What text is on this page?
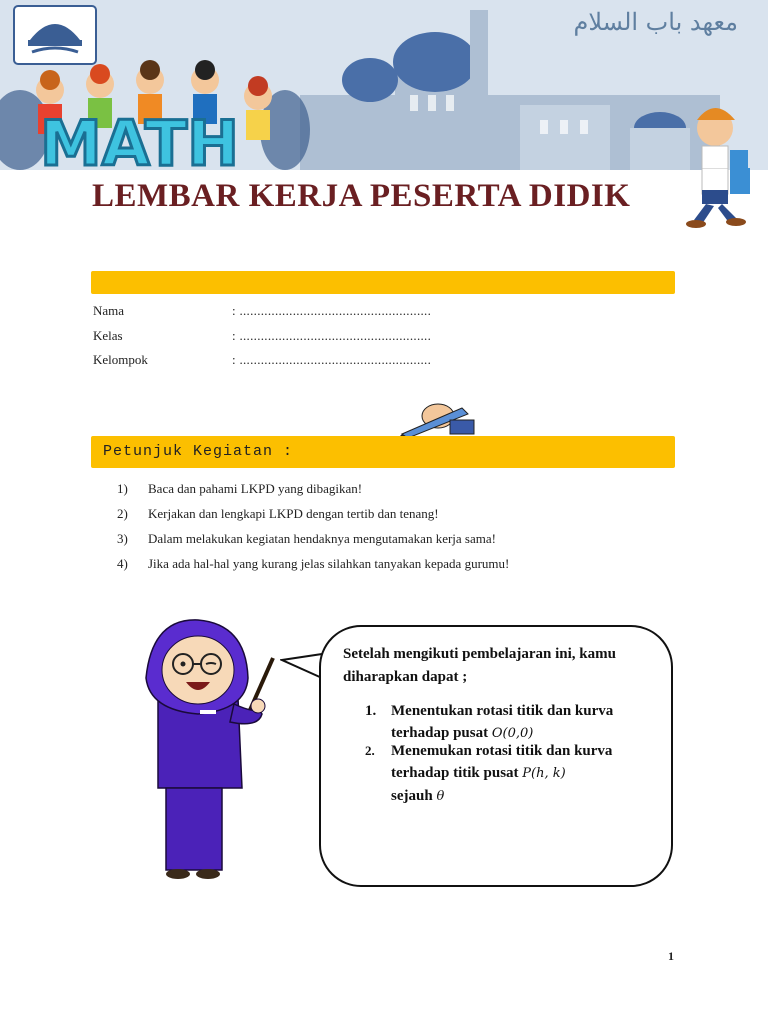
MATH
معهد باب السلام
LEMBAR KERJA PESERTA DIDIK
Nama	: ......................................................
Kelas	: ......................................................
Kelompok	: ......................................................
Petunjuk Kegiatan :
1) Baca dan pahami LKPD yang dibagikan!
2) Kerjakan dan lengkapi LKPD dengan tertib dan tenang!
3) Dalam melakukan kegiatan hendaknya mengutamakan kerja sama!
4) Jika ada hal-hal yang kurang jelas silahkan tanyakan kepada gurumu!
Setelah mengikuti pembelajaran ini, kamu diharapkan dapat ;
1. Menentukan rotasi titik dan kurva terhadap pusat O(0,0)
2. Menemukan rotasi titik dan kurva terhadap titik pusat P(h, k)
sejauh θ
1
